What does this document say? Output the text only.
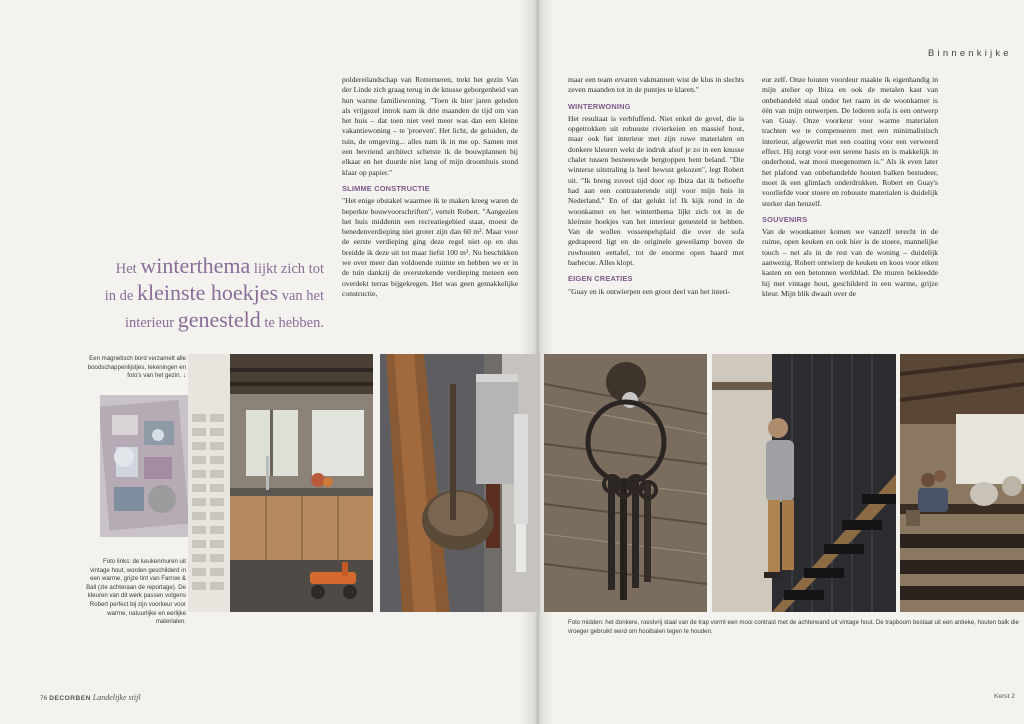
Binnenkijke
Het winterthema lijkt zich tot
in de kleinste hoekjes van het
interieur genesteld te hebben.

poldereilandschap van Rotterneren, trekt het gezin Van der Linde zich graag terug in de knusse geborgenheid van hun warme familiewoning. "Toen ik hier jaren geleden als vrijgezel introk nam ik drie maanden de tijd om van het huis – dat toen niet veel meer was dan een kleine vakantiewoning – te 'proeven'. Het licht, de geluiden, de tuin, de omgeving... alles nam ik in me op. Samen met een bevriend architect schetste ik de bouwplannen bij elkaar en het duurde niet lang of mijn droomhuis stond klaar op papier."

SLIMME CONSTRUCTIE

"Het enige obstakel waarmee ik te maken kreeg waren de beperkte bouwvoorschriften", vertelt Robert. "Aangezien het huis middenin een recreatiegebied staat, moest de benedenverdieping niet groter zijn dan 60 m². Maar voor de eerste verdieping ging deze regel niet op en dus breidde ik deze uit tot maar liefst 100 m². Nu beschikken we over meer dan voldoende ruimte en hebben we er in de tuin dankzij de overstekende verdieping meteen een overdekt terras bijgekregen. Het was geen gemakkelijke constructie,

maar een team ervaren vakmannen wist de klus in slechts zeven maanden tot in de puntjes te klaren."

WINTERWONING

Het resultaat is verbluffend. Niet enkel de gevel, die is opgetrokken uit robuuste rivierkeien en massief hout, maar ook het interieur met zijn ruwe materialen en donkere kleuren wekt de indruk alsof je zo in een knusse chalet tussen besneeuwde bergtoppen bent beland. "Die winterse uitstraling is heel bewust gekozen", legt Robert uit. "Ik breng zoveel tijd door op Ibiza dat ik behoefte had aan een contrasterende stijl voor mijn huis in Nederland." En of dat gelukt is! Ik kijk rond in de woonkamer en het winterthema lijkt zich tot in de kleinste hoekjes van het interieur genesteld te hebben. Van de wollen vossenpelsplaid die over de sofa gedrapeerd ligt en de originele geweilamp boven de ruwhouten eettafel, tot de enorme open haard met barbecue. Alles klopt.

EIGEN CREATIES

"Guay en ik ontwierpen een groot deel van het interi-

eur zelf. Onze houten voordeur maakte ik eigenhandig in mijn atelier op Ibiza en ook de metalen kast van onbehandeld staal ondor het raam in de woonkamer is één van mijn ontwerpen. De lederen sofa is een ontwerp van Guay. Onze voorkeur voor warme materialen trachten we te compenseren met een minimalistisch interieur, afgewerkt met een coating voor een verweerd effect. Hij zorgt voor een serene basis en is makkelijk in onderhoud, wat mooi meegenomen is." Als ik even later het plafond van onbehandelde houten balken bestudeer, moet ik een glimlach onderdrukken. Robert en Guay's voorliefde voor stoere en robuuste materialen is duidelijk sterker dan henzelf.

SOUVENIRS

Van de woonkamer komen we vanzelf terecht in de ruime, open keuken en ook hier is de stoere, mannelijke touch – net als in de rest van de woning – duidelijk aanwezig. Robert ontwierp de keuken en koos voor eiken kasten en een betonnen werkblad. De muren bekleedde hij met vintage hout, geschilderd in een warme, grijze kleur. Mijn blik dwaalt over de

Een magnetisch bord verzamelt alle boodschappenlijstjes, tekeningen en foto's van het gezin. ↓
Foto links: de keukenmuren uit vintage hout, worden geschilderd in een warme, grijze tint van Farrow & Ball (zie achteraan de reportage). De kleuren van dit werk passen volgens Robert perfect bij zijn voorkeur voor warme, natuurlijke en eerlijke materialen.	Foto midden: het donkere, roestvrij staal van de trap vormt een mooi contrast met de achterwand uit vintage hout. De trapboom bestaat uit een antieke, houten balk die vroeger gebruikt werd om hooibalen tegen te houden.
76 DECORBEN Landelijke stijl	Kerst 2
